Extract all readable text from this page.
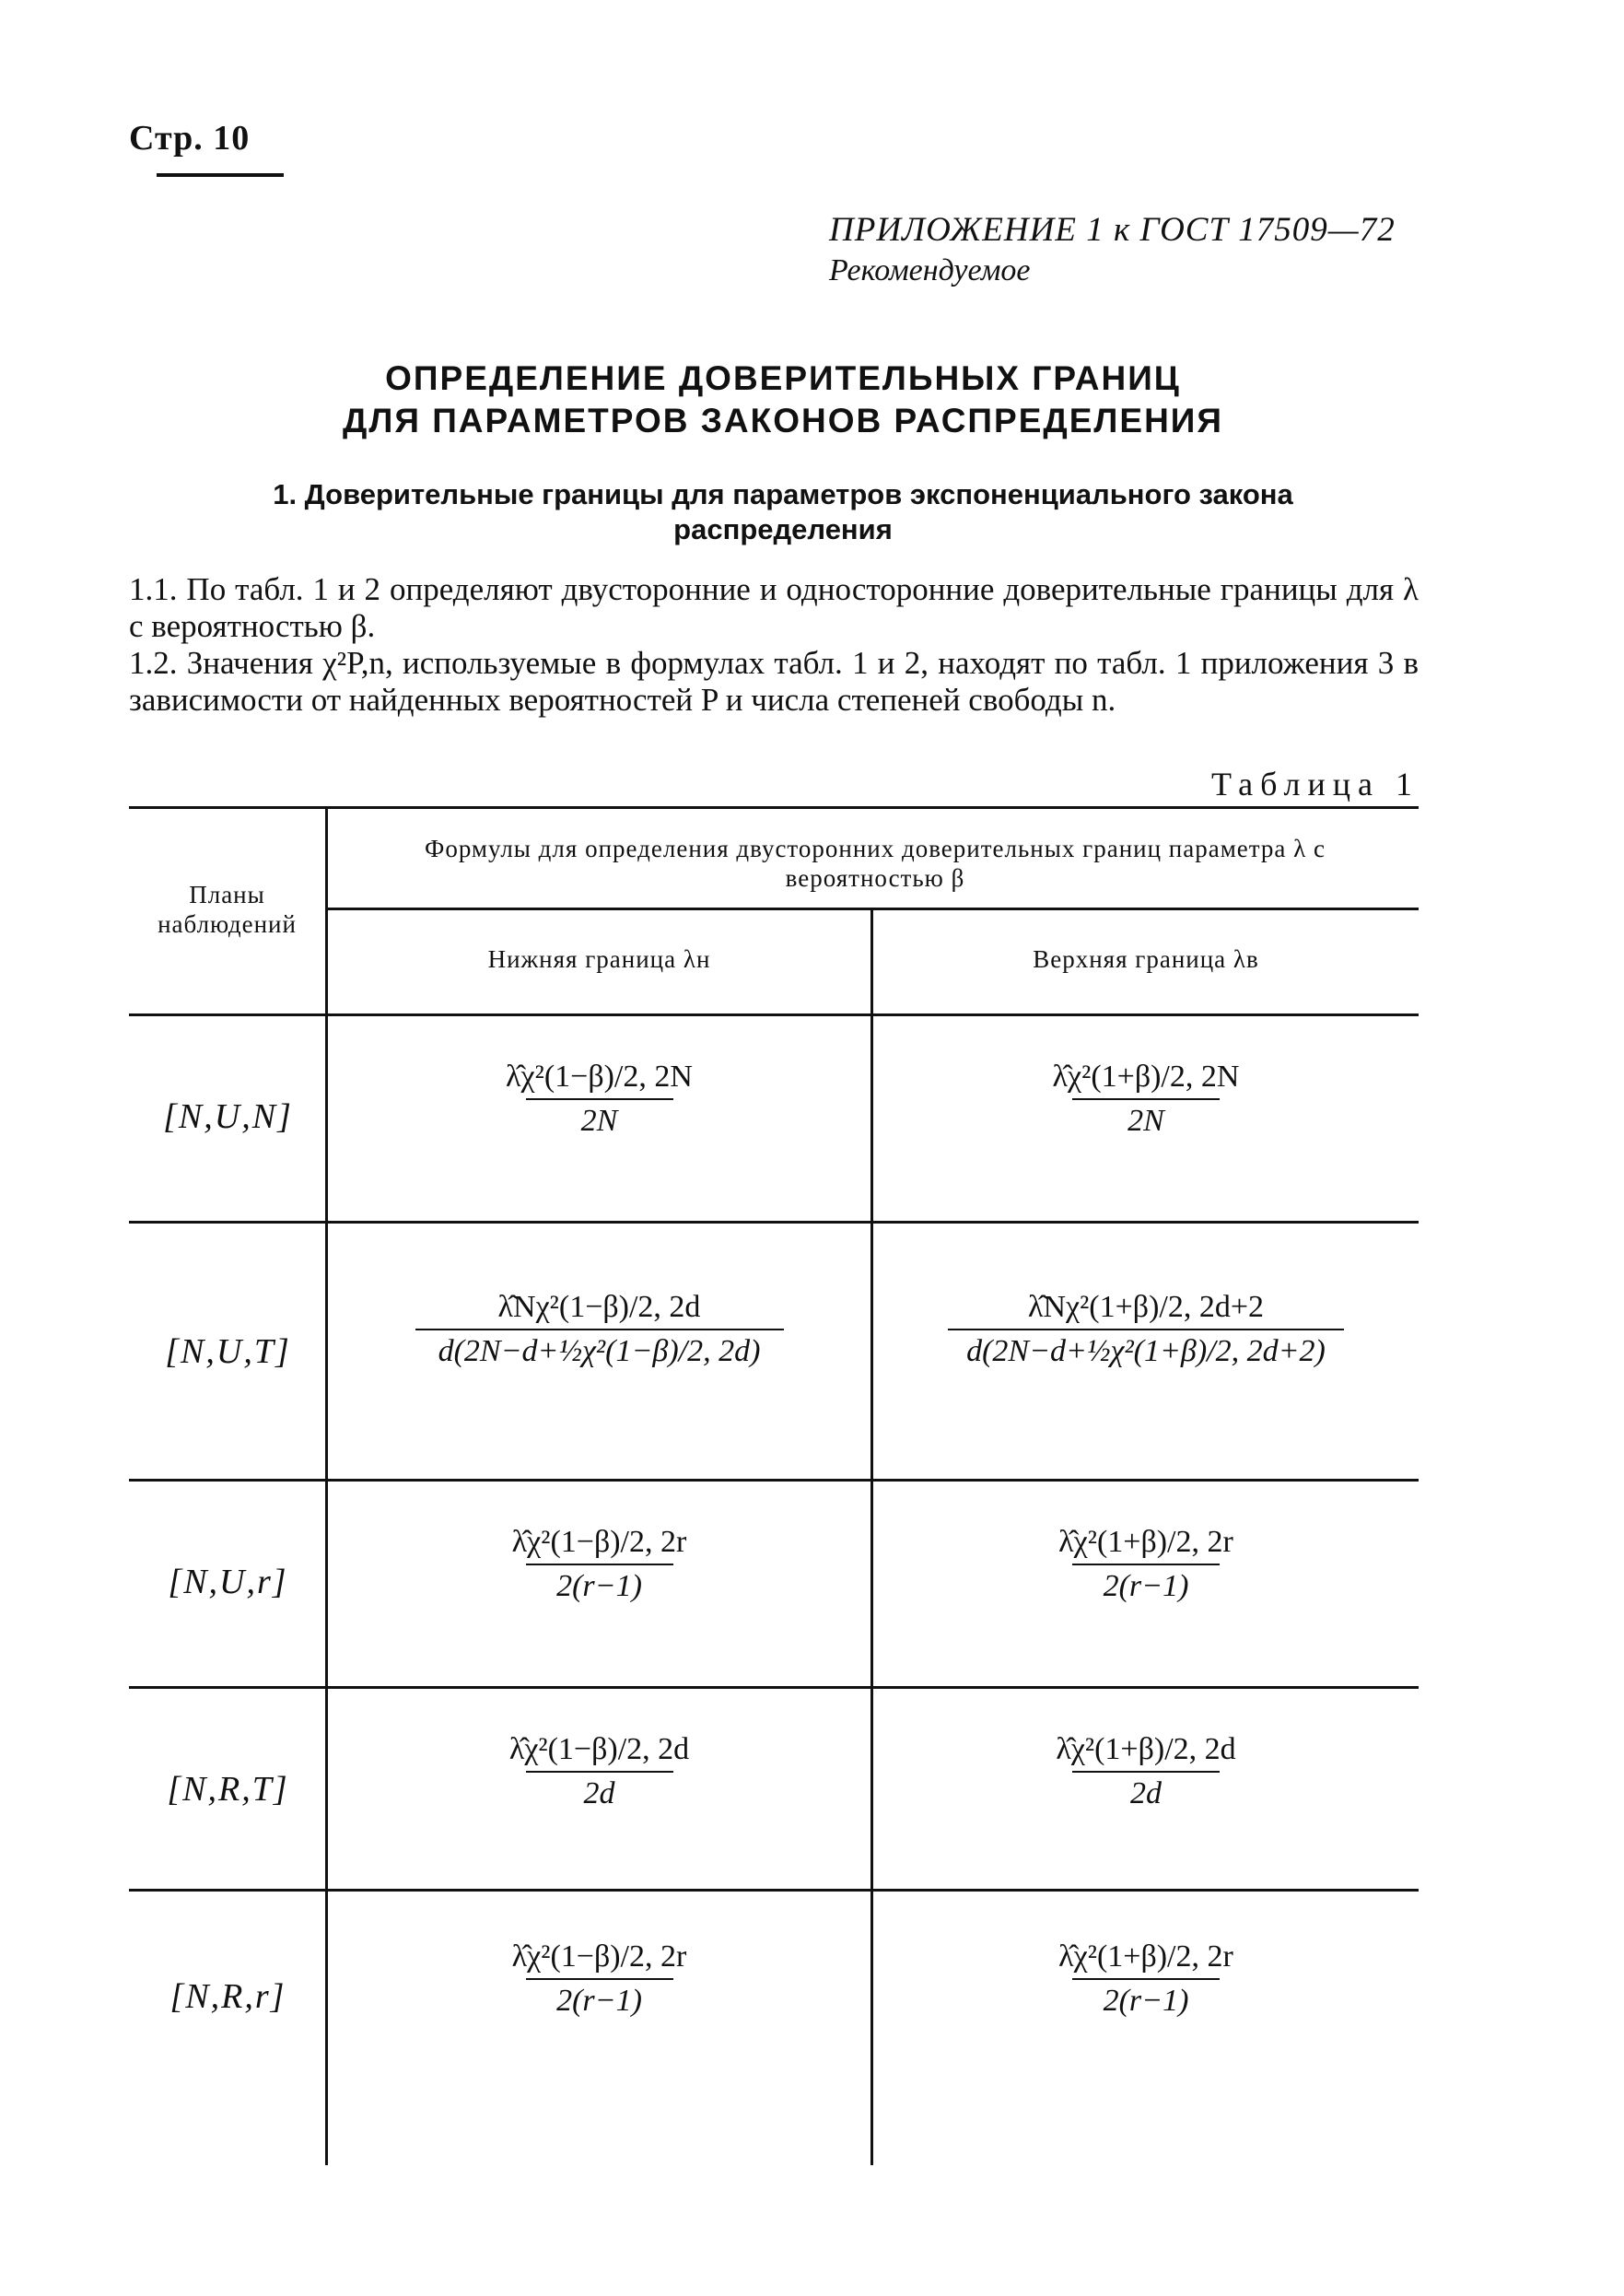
Стр. 10
ПРИЛОЖЕНИЕ 1 к ГОСТ 17509—72
Рекомендуемое
ОПРЕДЕЛЕНИЕ ДОВЕРИТЕЛЬНЫХ ГРАНИЦ
ДЛЯ ПАРАМЕТРОВ ЗАКОНОВ РАСПРЕДЕЛЕНИЯ
1. Доверительные границы для параметров экспоненциального закона
распределения
1.1. По табл. 1 и 2 определяют двусторонние и односторонние доверительные границы для λ с вероятностью β.
1.2. Значения χ²P,n, используемые в формулах табл. 1 и 2, находят по табл. 1 приложения 3 в зависимости от найденных вероятностей P и числа степеней свободы n.
Таблица 1
Планы наблюдений
Формулы для определения двусторонних доверительных границ параметра λ с вероятностью β
Нижняя граница λн	Верхняя граница λв
[N,U,N]
λ̂χ²(1−β)/2, 2N
2N
λ̂χ²(1+β)/2, 2N
2N
[N,U,T]
λ̂Nχ²(1−β)/2, 2d
d(2N−d+½χ²(1−β)/2, 2d)
λ̂Nχ²(1+β)/2, 2d+2
d(2N−d+½χ²(1+β)/2, 2d+2)
[N,U,r]
λ̂χ²(1−β)/2, 2r
2(r−1)
λ̂χ²(1+β)/2, 2r
2(r−1)
[N,R,T]
λ̂χ²(1−β)/2, 2d
2d
λ̂χ²(1+β)/2, 2d
2d
[N,R,r]
λ̂χ²(1−β)/2, 2r
2(r−1)
λ̂χ²(1+β)/2, 2r
2(r−1)
